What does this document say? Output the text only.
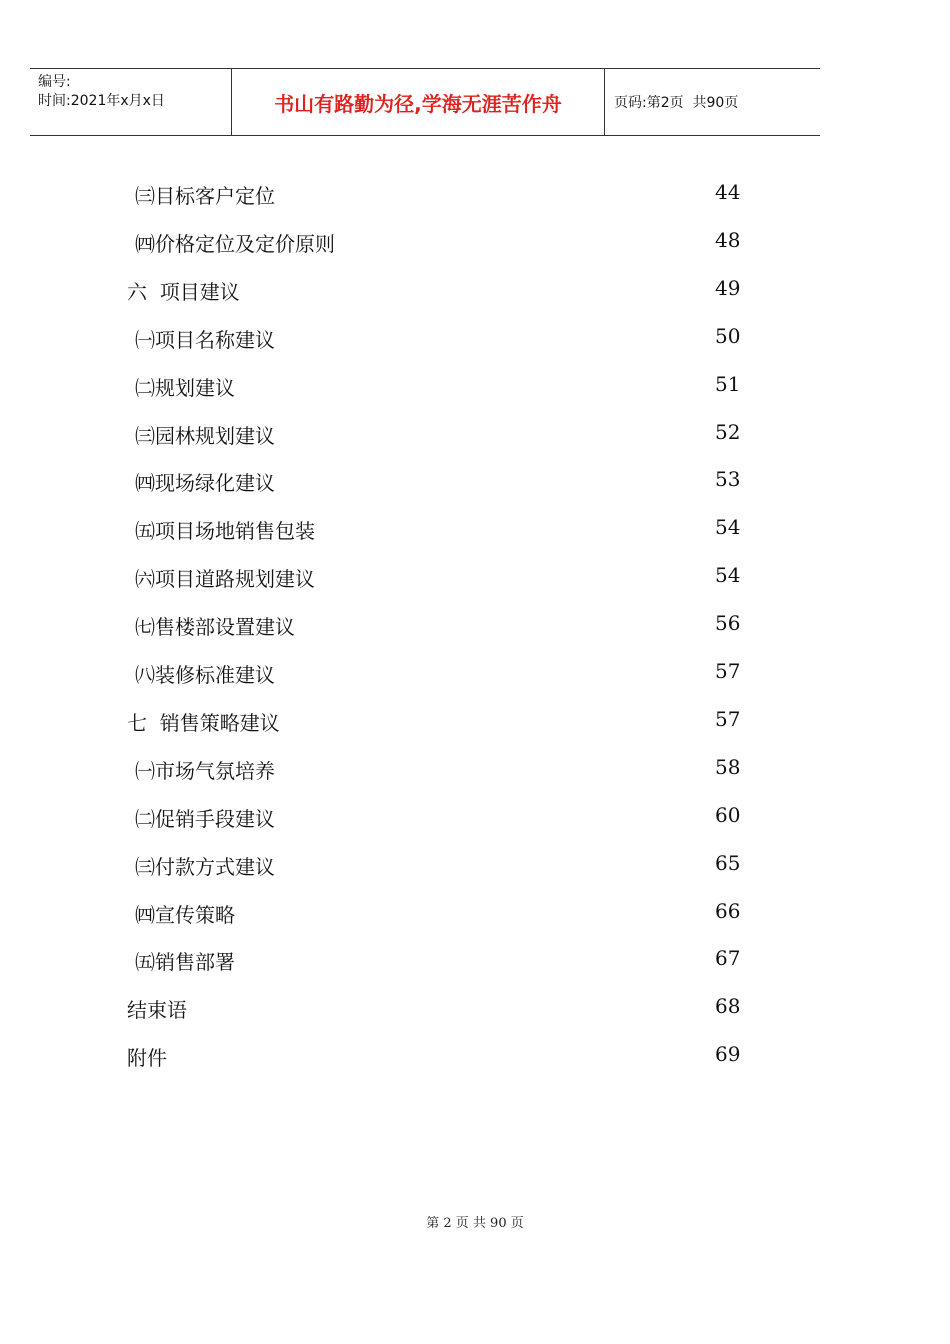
编号:
时间:2021年x月x日	书山有路勤为径,学海无涯苦作舟	页码:第2页  共90页
㈢目标客户定位	44
㈣价格定位及定价原则	48
六  项目建议	49
㈠项目名称建议	50
㈡规划建议	51
㈢园林规划建议	52
㈣现场绿化建议	53
㈤项目场地销售包装	54
㈥项目道路规划建议	54
㈦售楼部设置建议	56
㈧装修标准建议	57
七  销售策略建议	57
㈠市场气氛培养	58
㈡促销手段建议	60
㈢付款方式建议	65
㈣宣传策略	66
㈤销售部署	67
结束语	68
附件	69
第 2 页 共 90 页
